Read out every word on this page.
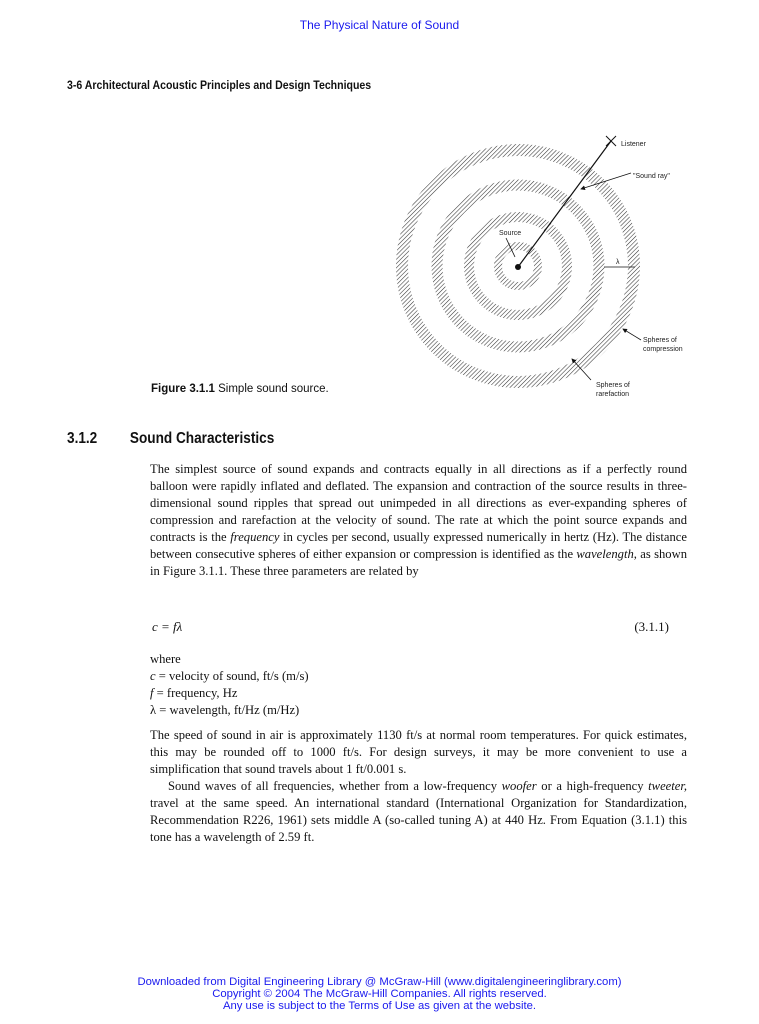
The Physical Nature of Sound
3-6 Architectural Acoustic Principles and Design Techniques
Listener
"Sound ray"
Source
λ
Spheres of
compression
Spheres of
rarefaction
Figure 3.1.1 Simple sound source.
3.1.2 Sound Characteristics

The simplest source of sound expands and contracts equally in all directions as if a perfectly round balloon were rapidly inflated and deflated. The expansion and contraction of the source results in three-dimensional sound ripples that spread out unimpeded in all directions as ever-expanding spheres of compression and rarefaction at the velocity of sound. The rate at which the point source expands and contracts is the frequency in cycles per second, usually expressed numerically in hertz (Hz). The distance between consecutive spheres of either expansion or compression is identified as the wavelength, as shown in Figure 3.1.1. These three parameters are related by

c = fλ	(3.1.1)
where
c = velocity of sound, ft/s (m/s)
f = frequency, Hz
λ = wavelength, ft/Hz (m/Hz)

The speed of sound in air is approximately 1130 ft/s at normal room temperatures. For quick estimates, this may be rounded off to 1000 ft/s. For design surveys, it may be more convenient to use a simplification that sound travels about 1 ft/0.001 s.

Sound waves of all frequencies, whether from a low-frequency woofer or a high-frequency tweeter, travel at the same speed. An international standard (International Organization for Standardization, Recommendation R226, 1961) sets middle A (so-called tuning A) at 440 Hz. From Equation (3.1.1) this tone has a wavelength of 2.59 ft.

Downloaded from Digital Engineering Library @ McGraw-Hill (www.digitalengineeringlibrary.com)
Copyright © 2004 The McGraw-Hill Companies. All rights reserved.
Any use is subject to the Terms of Use as given at the website.
